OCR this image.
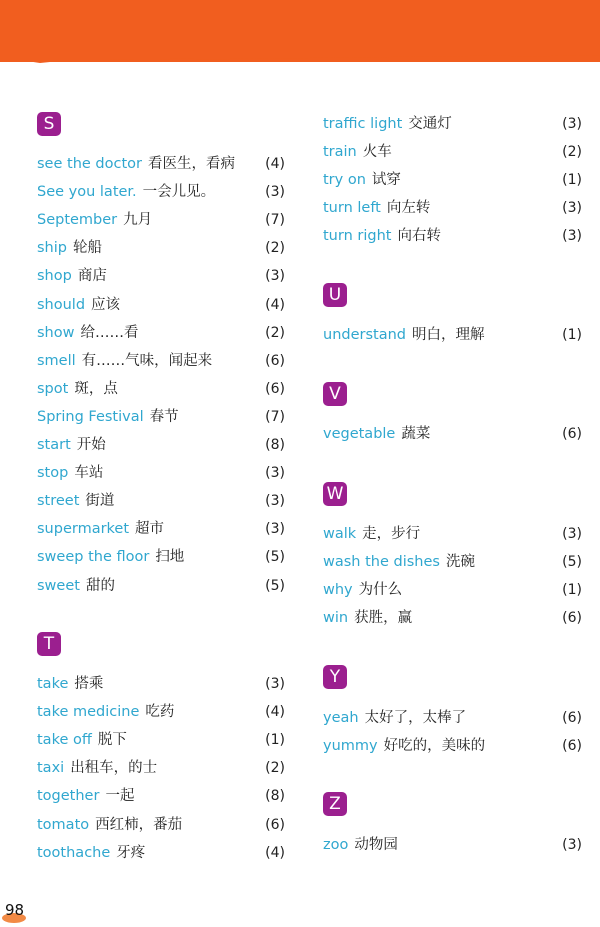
S
see the doctor 看医生，看病 (4)
See you later. 一会儿见。	(3)
September 九月	(7)
ship 轮船	(2)
shop 商店	(3)
should 应该	(4)
show 给……看	(2)
smell 有……气味，闻起来	(6)
spot 斑，点	(6)
Spring Festival 春节	(7)
start 开始	(8)
stop 车站	(3)
street 街道	(3)
supermarket 超市	(3)
sweep the floor 扫地	(5)
sweet 甜的	(5)
T
take 搭乘	(3)
take medicine 吃药	(4)
take off 脱下	(1)
taxi 出租车，的士	(2)
together 一起	(8)
tomato 西红柿，番茄	(6)
toothache 牙疼	(4)
traffic light 交通灯	(3)
train 火车	(2)
try on 试穿	(1)
turn left 向左转	(3)
turn right 向右转	(3)
U
V
W
Y
Z
understand 明白，理解	(1)
vegetable 蔬菜	(6)
walk 走，步行	(3)
wash the dishes 洗碗	(5)
why 为什么	(1)
win 获胜，赢	(6)
yeah 太好了，太棒了	(6)
yummy 好吃的，美味的	(6)
zoo 动物园	(3)
98
